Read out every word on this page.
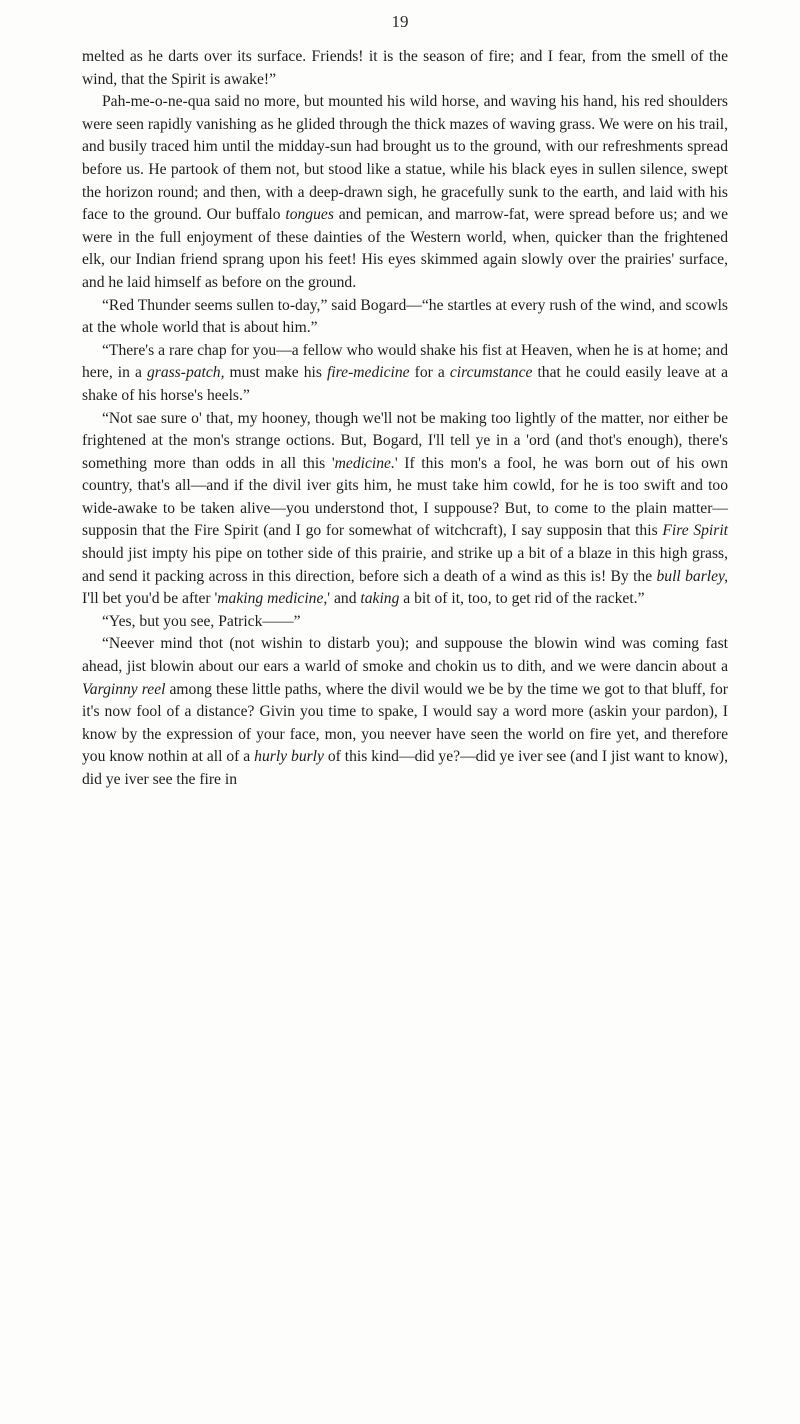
19

melted as he darts over its surface. Friends! it is the season of fire; and I fear, from the smell of the wind, that the Spirit is awake!”

Pah-me-o-ne-qua said no more, but mounted his wild horse, and waving his hand, his red shoulders were seen rapidly vanishing as he glided through the thick mazes of waving grass. We were on his trail, and busily traced him until the midday-sun had brought us to the ground, with our refreshments spread before us. He partook of them not, but stood like a statue, while his black eyes in sullen silence, swept the horizon round; and then, with a deep-drawn sigh, he gracefully sunk to the earth, and laid with his face to the ground. Our buffalo tongues and pemican, and marrow-fat, were spread before us; and we were in the full enjoyment of these dainties of the Western world, when, quicker than the frightened elk, our Indian friend sprang upon his feet! His eyes skimmed again slowly over the prairies' surface, and he laid himself as before on the ground.

“Red Thunder seems sullen to-day,” said Bogard—“he startles at every rush of the wind, and scowls at the whole world that is about him.”

“There's a rare chap for you—a fellow who would shake his fist at Heaven, when he is at home; and here, in a grass-patch, must make his fire-medicine for a circumstance that he could easily leave at a shake of his horse's heels.”

“Not sae sure o' that, my hooney, though we'll not be making too lightly of the matter, nor either be frightened at the mon's strange octions. But, Bogard, I'll tell ye in a 'ord (and thot's enough), there's something more than odds in all this 'medicine.' If this mon's a fool, he was born out of his own country, that's all—and if the divil iver gits him, he must take him cowld, for he is too swift and too wide-awake to be taken alive—you understond thot, I suppouse? But, to come to the plain matter—supposin that the Fire Spirit (and I go for somewhat of witchcraft), I say supposin that this Fire Spirit should jist impty his pipe on tother side of this prairie, and strike up a bit of a blaze in this high grass, and send it packing across in this direction, before sich a death of a wind as this is! By the bull barley, I'll bet you'd be after 'making medicine,' and taking a bit of it, too, to get rid of the racket.”

“Yes, but you see, Patrick——”

“Neever mind thot (not wishin to distarb you); and suppouse the blowin wind was coming fast ahead, jist blowin about our ears a warld of smoke and chokin us to dith, and we were dancin about a Varginny reel among these little paths, where the divil would we be by the time we got to that bluff, for it's now fool of a distance? Givin you time to spake, I would say a word more (askin your pardon), I know by the expression of your face, mon, you neever have seen the world on fire yet, and therefore you know nothin at all of a hurly burly of this kind—did ye?—did ye iver see (and I jist want to know), did ye iver see the fire in
